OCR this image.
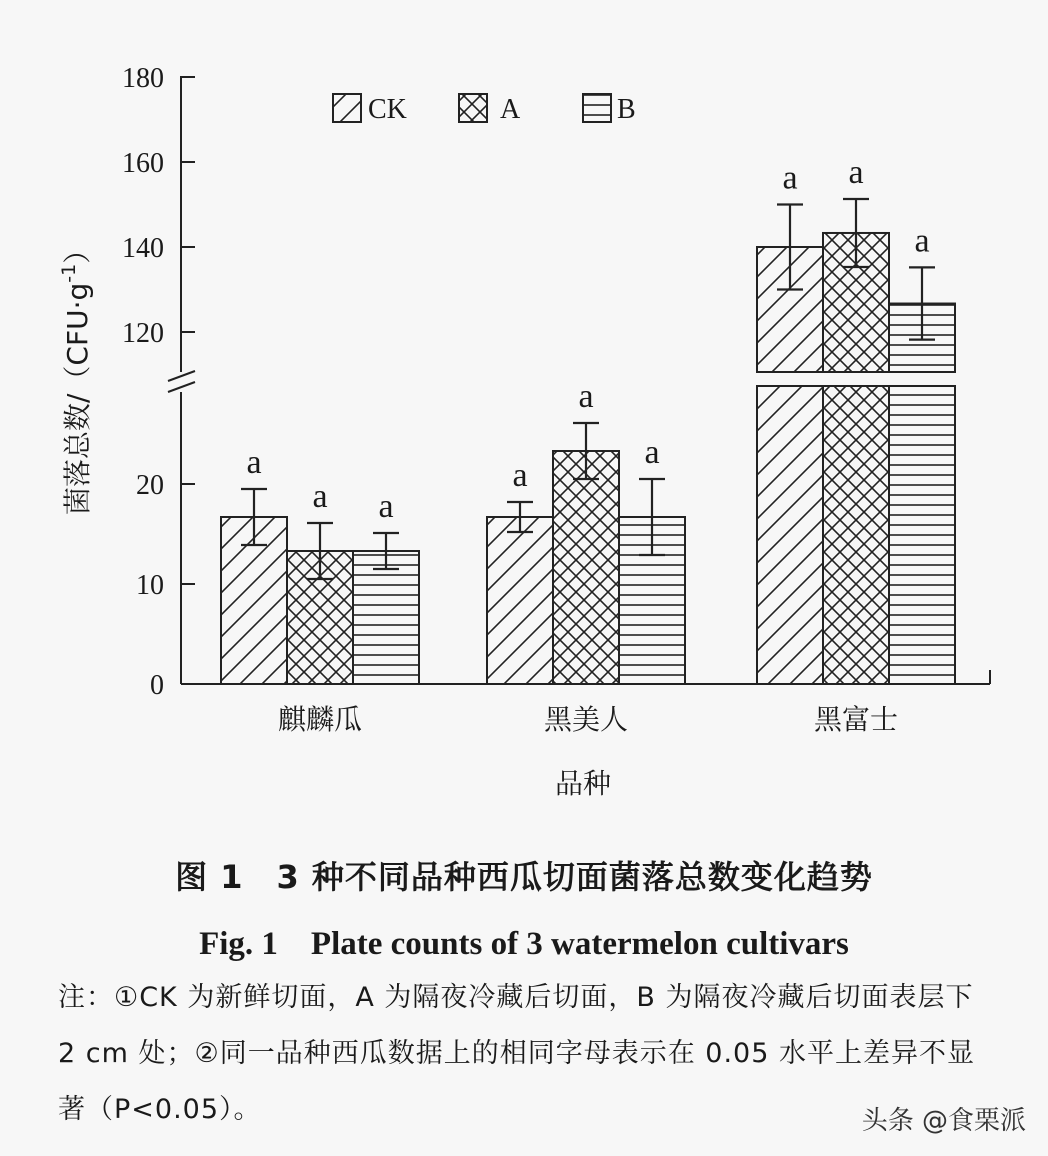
0
10
20
120
140
160
180
a	a
a
a
a
a
a
a
a
麒麟瓜	黑美人	黑富士
CK	A	B
品种
菌落总数$/(CFU\cdot g^{-1})$
图 1　3 种不同品种西瓜切面菌落总数变化趋势
Fig. 1　Plate counts of 3 watermelon cultivars
注：①CK 为新鲜切面，A 为隔夜冷藏后切面，B 为隔夜冷藏后切面表层下 2 cm 处；②同一品种西瓜数据上的相同字母表示在 0.05 水平上差异不显著（P<0.05）。	头条 @食栗派
